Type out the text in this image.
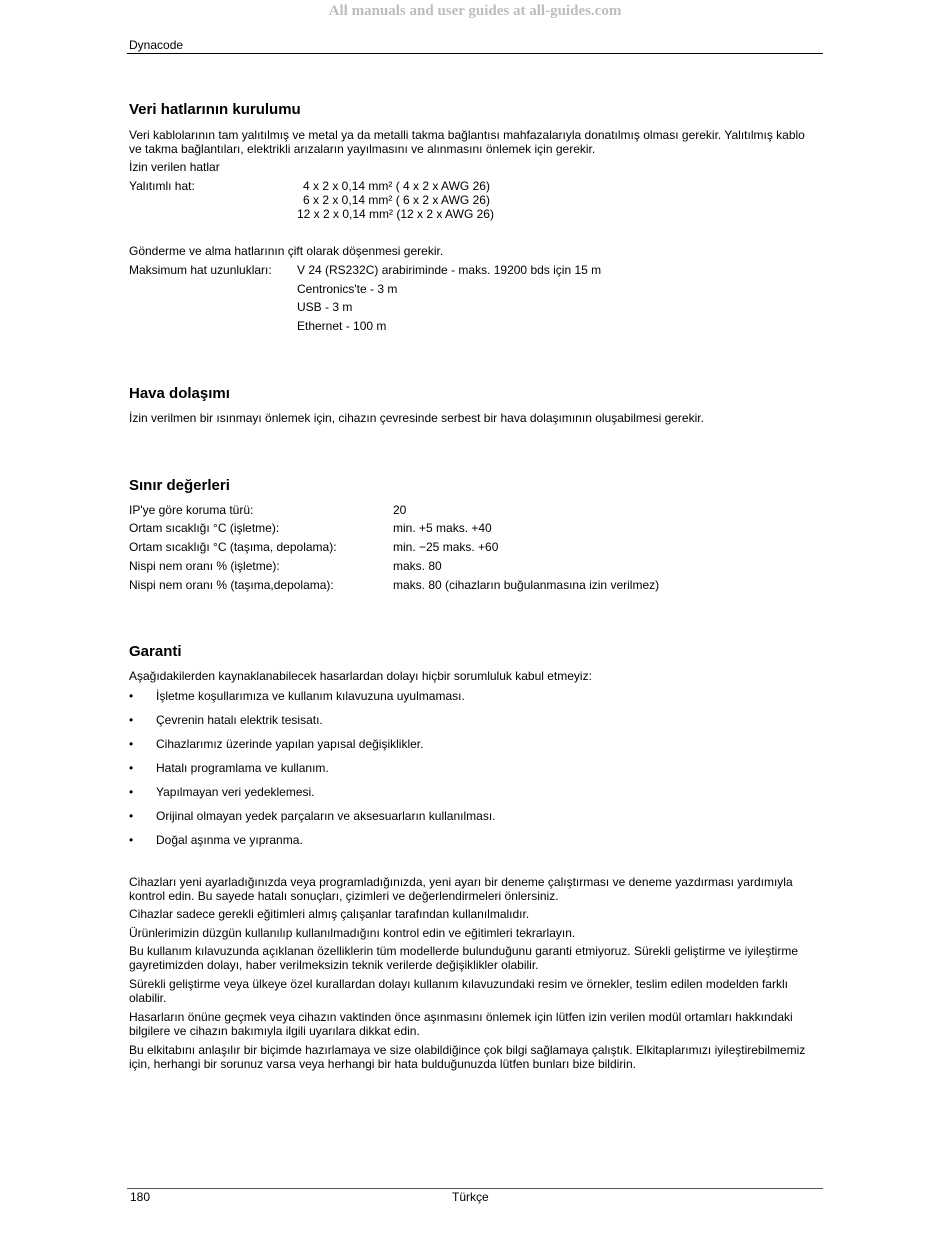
All manuals and user guides at all-guides.com
Dynacode
Veri hatlarının kurulumu

Veri kablolarının tam yalıtılmış ve metal ya da metalli takma bağlantısı mahfazalarıyla donatılmış olması gerekir. Yalıtılmış kablo

ve takma bağlantıları, elektrikli arızaların yayılmasını ve alınmasını önlemek için gerekir.

İzin verilen hatlar

Yalıtımlı hat:	4 x 2 x 0,14 mm² ( 4 x 2 x AWG 26)

6 x 2 x 0,14 mm² ( 6 x 2 x AWG 26)

12 x 2 x 0,14 mm² (12 x 2 x AWG 26)

Gönderme ve alma hatlarının çift olarak döşenmesi gerekir.

Maksimum hat uzunlukları: V 24 (RS232C) arabiriminde - maks. 19200 bds için 15 m

Centronics'te - 3 m

USB - 3 m

Ethernet - 100 m

Hava dolaşımı

İzin verilmen bir ısınmayı önlemek için, cihazın çevresinde serbest bir hava dolaşımının oluşabilmesi gerekir.

Sınır değerleri

IP'ye göre koruma türü:	20

Ortam sıcaklığı °C (işletme):	min. +5 maks. +40

Ortam sıcaklığı °C (taşıma, depolama):	min. −25 maks. +60

Nispi nem oranı % (işletme):	maks. 80

Nispi nem oranı % (taşıma,depolama):	maks. 80 (cihazların buğulanmasına izin verilmez)

Garanti

Aşağıdakilerden kaynaklanabilecek hasarlardan dolayı hiçbir sorumluluk kabul etmeyiz:

• İşletme koşullarımıza ve kullanım kılavuzuna uyulmaması.
• Çevrenin hatalı elektrik tesisatı.
• Cihazlarımız üzerinde yapılan yapısal değişiklikler.
• Hatalı programlama ve kullanım.
• Yapılmayan veri yedeklemesi.
• Orijinal olmayan yedek parçaların ve aksesuarların kullanılması.
• Doğal aşınma ve yıpranma.

Cihazları yeni ayarladığınızda veya programladığınızda, yeni ayarı bir deneme çalıştırması ve deneme yazdırması yardımıyla

kontrol edin. Bu sayede hatalı sonuçları, çizimleri ve değerlendirmeleri önlersiniz.

Cihazlar sadece gerekli eğitimleri almış çalışanlar tarafından kullanılmalıdır.

Ürünlerimizin düzgün kullanılıp kullanılmadığını kontrol edin ve eğitimleri tekrarlayın.

Bu kullanım kılavuzunda açıklanan özelliklerin tüm modellerde bulunduğunu garanti etmiyoruz. Sürekli geliştirme ve iyileştirme

gayretimizden dolayı, haber verilmeksizin teknik verilerde değişiklikler olabilir.

Sürekli geliştirme veya ülkeye özel kurallardan dolayı kullanım kılavuzundaki resim ve örnekler, teslim edilen modelden farklı

olabilir.

Hasarların önüne geçmek veya cihazın vaktinden önce aşınmasını önlemek için lütfen izin verilen modül ortamları hakkındaki

bilgilere ve cihazın bakımıyla ilgili uyarılara dikkat edin.

Bu elkitabını anlaşılır bir biçimde hazırlamaya ve size olabildiğince çok bilgi sağlamaya çalıştık. Elkitaplarımızı iyileştirebilmemiz

için, herhangi bir sorunuz varsa veya herhangi bir hata bulduğunuzda lütfen bunları bize bildirin.

180	Türkçe
